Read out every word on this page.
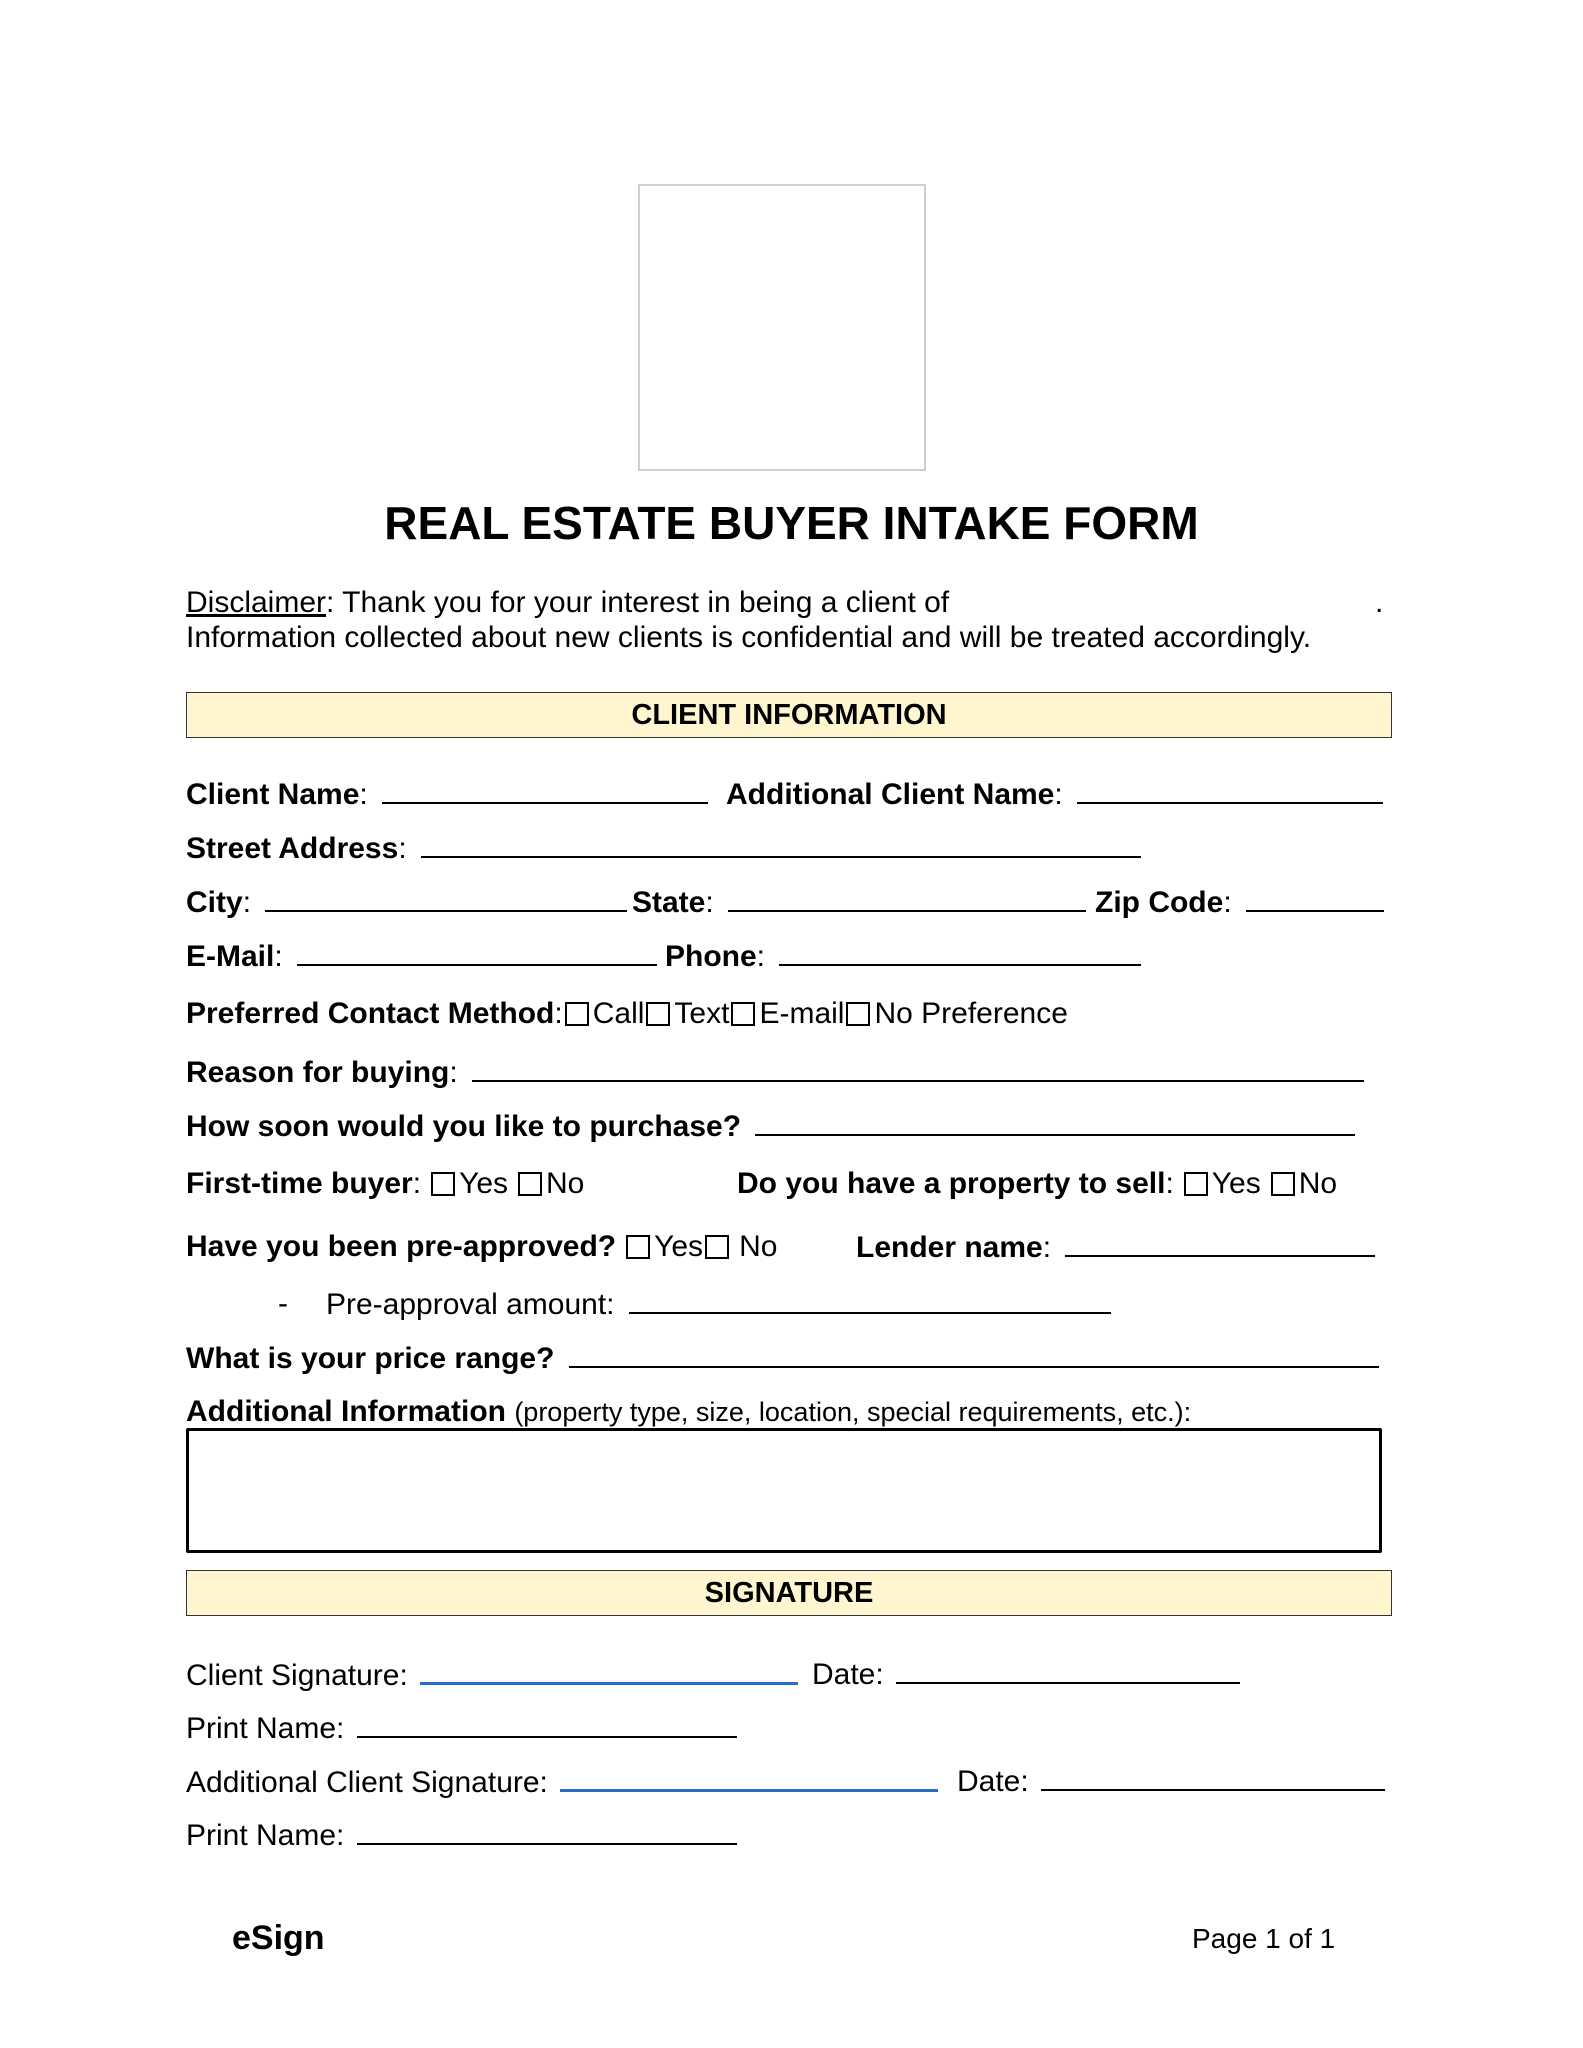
REAL ESTATE BUYER INTAKE FORM
Disclaimer: Thank you for your interest in being a client of	.
Information collected about new clients is confidential and will be treated accordingly.
CLIENT INFORMATION
Client Name:	Additional Client Name:
Street Address:
City:	State:	Zip Code:
E-Mail:	Phone:
Preferred Contact Method: Call Text E-mail No Preference
Reason for buying:
How soon would you like to purchase?
First-time buyer: Yes No	Do you have a property to sell: Yes No
Have you been pre-approved? Yes No	Lender name:
- Pre-approval amount:
What is your price range?
Additional Information (property type, size, location, special requirements, etc.):
SIGNATURE
Client Signature:	Date:
Print Name:
Additional Client Signature:	Date:
Print Name:
eSign	Page 1 of 1
